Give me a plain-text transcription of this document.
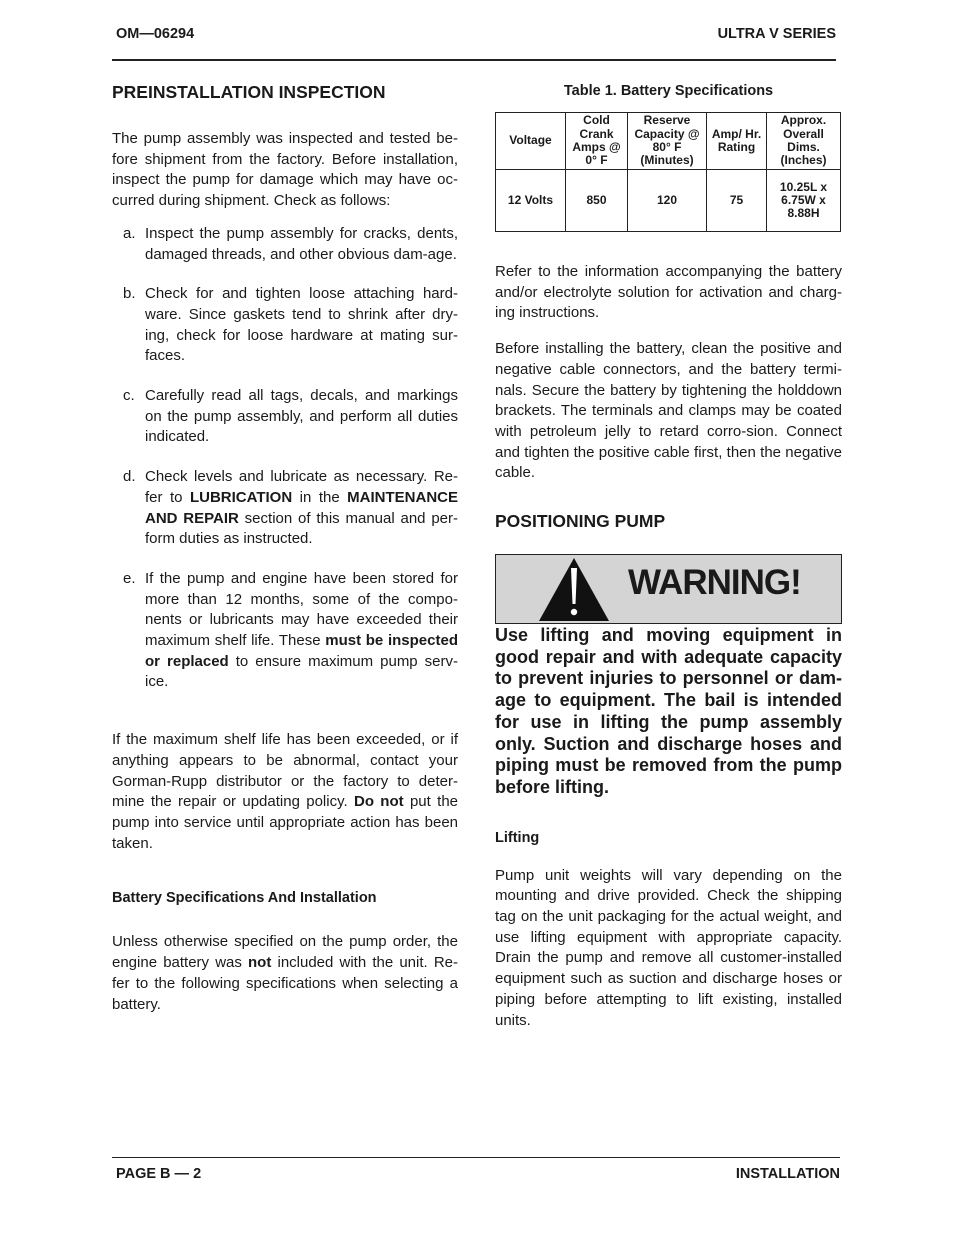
OM—06294	ULTRA V SERIES
PREINSTALLATION INSPECTION

The pump assembly was inspected and tested be-fore shipment from the factory. Before installation, inspect the pump for damage which may have oc-curred during shipment. Check as follows:

a. Inspect the pump assembly for cracks, dents, damaged threads, and other obvious dam-age.
b. Check for and tighten loose attaching hard-ware. Since gaskets tend to shrink after dry-ing, check for loose hardware at mating sur-faces.
c. Carefully read all tags, decals, and markings on the pump assembly, and perform all duties indicated.
d. Check levels and lubricate as necessary. Re-fer to LUBRICATION in the MAINTENANCE AND REPAIR section of this manual and per-form duties as instructed.
e. If the pump and engine have been stored for more than 12 months, some of the compo-nents or lubricants may have exceeded their maximum shelf life. These must be inspected or replaced to ensure maximum pump serv-ice.

If the maximum shelf life has been exceeded, or if anything appears to be abnormal, contact your Gorman-Rupp distributor or the factory to deter-mine the repair or updating policy. Do not put the pump into service until appropriate action has been taken.

Battery Specifications And Installation

Unless otherwise specified on the pump order, the engine battery was not included with the unit. Re-fer to the following specifications when selecting a battery.

Table 1. Battery Specifications
Voltage	Cold Crank Amps @ 0° F	Reserve Capacity @ 80° F (Minutes)	Amp/ Hr. Rating	Approx. Overall Dims. (Inches)
12 Volts	850	120	75	10.25L x 6.75W x 8.88H

Refer to the information accompanying the battery and/or electrolyte solution for activation and charg-ing instructions.

Before installing the battery, clean the positive and negative cable connectors, and the battery termi-nals. Secure the battery by tightening the holddown brackets. The terminals and clamps may be coated with petroleum jelly to retard corro-sion. Connect and tighten the positive cable first, then the negative cable.

POSITIONING PUMP
WARNING!

Use lifting and moving equipment in good repair and with adequate capacity to prevent injuries to personnel or dam-age to equipment. The bail is intended for use in lifting the pump assembly only. Suction and discharge hoses and piping must be removed from the pump before lifting.

Lifting

Pump unit weights will vary depending on the mounting and drive provided. Check the shipping tag on the unit packaging for the actual weight, and use lifting equipment with appropriate capacity. Drain the pump and remove all customer-installed equipment such as suction and discharge hoses or piping before attempting to lift existing, installed units.

PAGE B — 2	INSTALLATION
